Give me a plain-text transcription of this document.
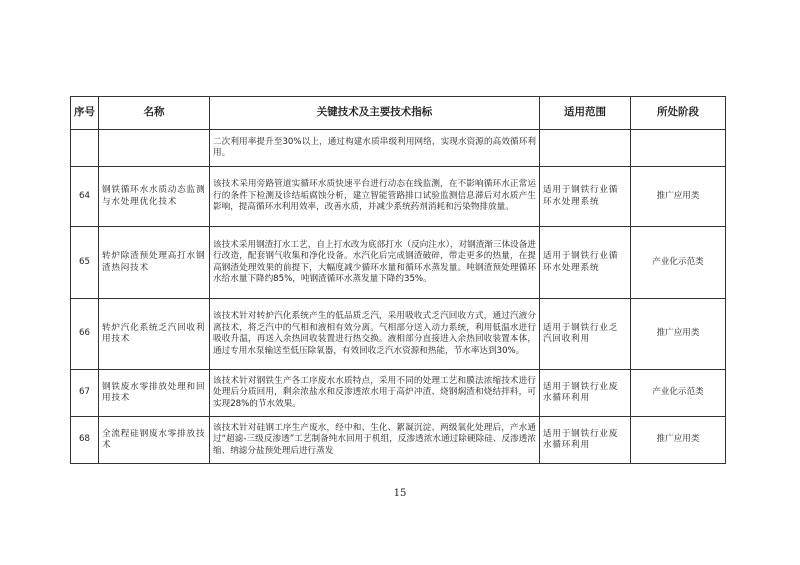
序号	名称	关键技术及主要技术指标	适用范围	所处阶段
		二次利用率提升至30%以上，通过构建水质串级利用网络，实现水资源的高效循环利用。		
64	钢铁循环水水质动态监测与水处理优化技术	该技术采用旁路管道实循环水质快速平台进行动态在线监测，在不影响循环水正常运行的条件下检测及诊结垢腐蚀分析，建立智能管路排口试验监测信息滞后对水质产生影响，提高循环水利用效率，改善水质，并减少系统药剂消耗和污染物排放量。	适用于钢铁行业循环水处理系统	推广应用类
65	转炉除渣预处理高打水钢渣热闷技术	该技术采用钢渣打水工艺，自上打水改为底部打水（反向注水），对钢渣渐三体设备进行改造，配套钢气收集和净化设备。水汽化后完成钢渣破碎，带走更多的热量，在提高钢渣处理效果的前提下，大幅度减少循环水量和循环水蒸发量。吨钢渣预处理循环水给水量下降约85%，吨钢渣循环水蒸发量下降约35%。	适用于钢铁行业循环水处理系统	产业化示范类
66	转炉汽化系统乏汽回收利用技术	该技术针对转炉汽化系统产生的低品质乏汽，采用吸收式乏汽回收方式，通过汽液分离技术，将乏汽中的气相和液相有效分离。气相部分送入动力系统，利用低温水进行吸收升温，再送入余热回收装置进行热交换。液相部分直接进入余热回收装置本体，通过专用水泵输送至低压除氧器，有效回收乏汽水资源和热能，节水率达到30%。	适用于钢铁行业乏汽回收利用	推广应用类
67	钢铁废水零排放处理和回用技术	该技术针对钢铁生产各工序废水水质特点，采用不同的处理工艺和膜法浓缩技术进行处理后分质回用，剩余浓盐水和反渗透浓水用于高炉冲渣、烧钢焖渣和烧结拌料，可实现28%的节水效果。	适用于钢铁行业废水循环利用	产业化示范类
68	全流程硅钢废水零排放技术	该技术针对硅钢工序生产废水，经中和、生化、絮凝沉淀、两级氧化处理后，产水通过“超滤-三级反渗透”工艺制备纯水回用于机组，反渗透浓水通过除硬除硅、反渗透浓缩、纳滤分盐预处理后进行蒸发	适用于钢铁行业废水循环利用	推广应用类
15
